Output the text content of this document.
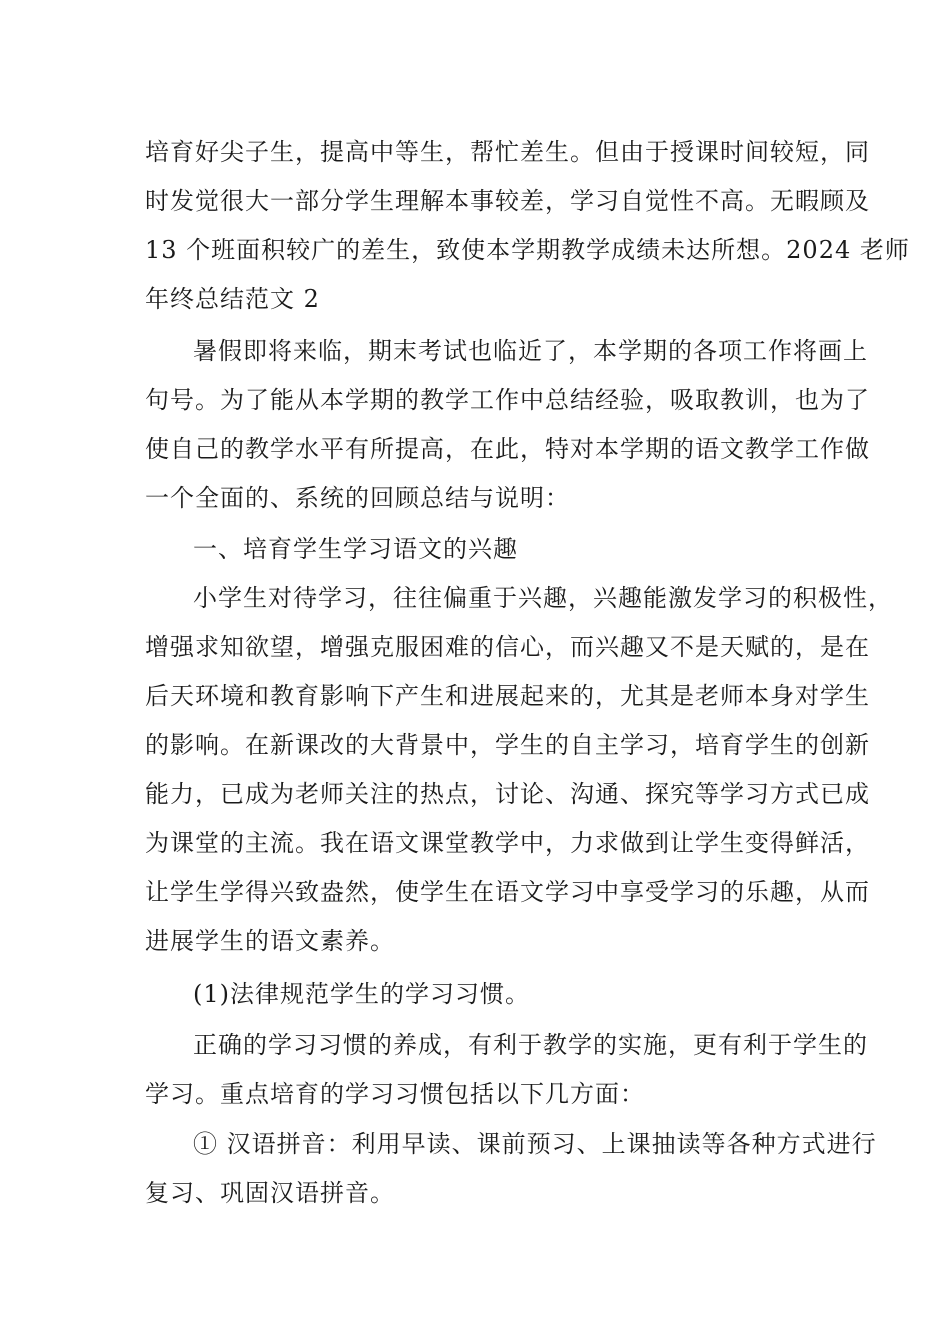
培育好尖子生，提高中等生，帮忙差生。但由于授课时间较短，同
时发觉很大一部分学生理解本事较差，学习自觉性不高。无暇顾及
13 个班面积较广的差生，致使本学期教学成绩未达所想。2024 老师
年终总结范文 2
暑假即将来临，期末考试也临近了，本学期的各项工作将画上
句号。为了能从本学期的教学工作中总结经验，吸取教训，也为了
使自己的教学水平有所提高，在此，特对本学期的语文教学工作做
一个全面的、系统的回顾总结与说明：
一、培育学生学习语文的兴趣
小学生对待学习，往往偏重于兴趣，兴趣能激发学习的积极性，
增强求知欲望，增强克服困难的信心，而兴趣又不是天赋的，是在
后天环境和教育影响下产生和进展起来的，尤其是老师本身对学生
的影响。在新课改的大背景中，学生的自主学习，培育学生的创新
能力，已成为老师关注的热点，讨论、沟通、探究等学习方式已成
为课堂的主流。我在语文课堂教学中，力求做到让学生变得鲜活，
让学生学得兴致盎然，使学生在语文学习中享受学习的乐趣，从而
进展学生的语文素养。
(1)法律规范学生的学习习惯。
正确的学习习惯的养成，有利于教学的实施，更有利于学生的
学习。重点培育的学习习惯包括以下几方面：
① 汉语拼音：利用早读、课前预习、上课抽读等各种方式进行
复习、巩固汉语拼音。
